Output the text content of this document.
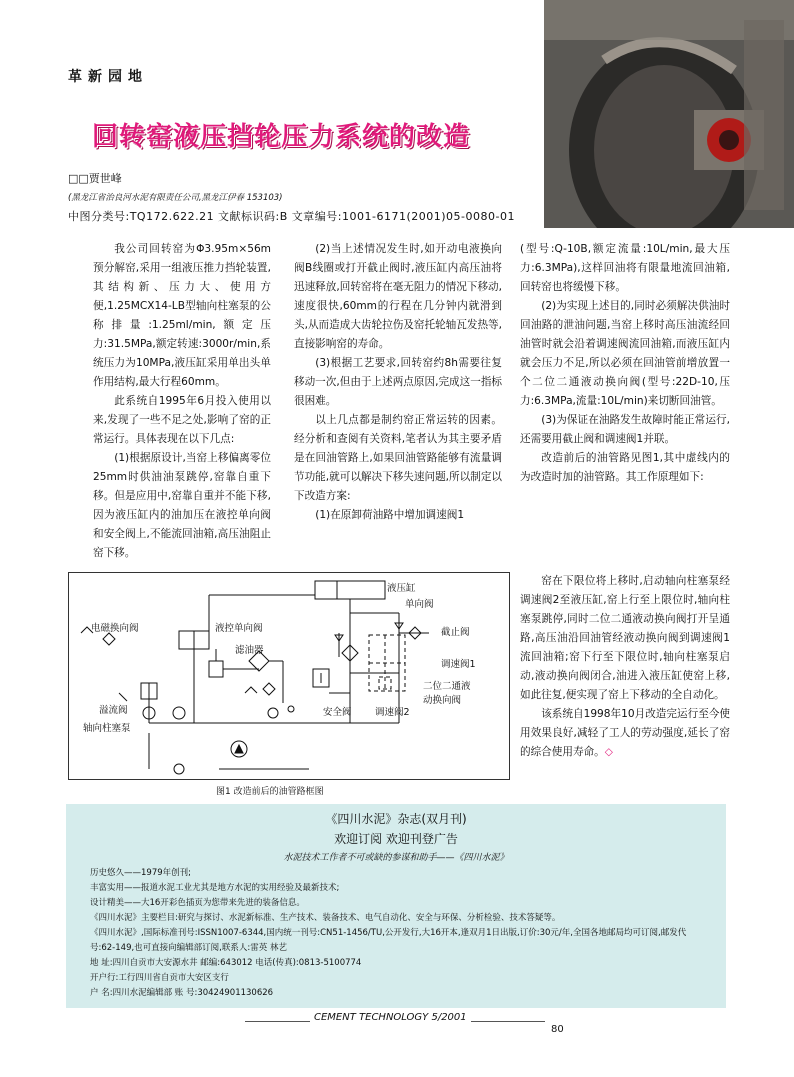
革新园地
回转窑液压挡轮压力系统的改造
□□贾世峰
(黑龙江省治良河水泥有限责任公司,黑龙江伊春 153103)
中图分类号:TQ172.622.21 文献标识码:B 文章编号:1001-6171(2001)05-0080-01

我公司回转窑为Φ3.95m×56m预分解窑,采用一组液压推力挡轮装置,其结构新、压力大、使用方便,1.25MCX14-LB型轴向柱塞泵的公称排量:1.25ml/min,额定压力:31.5MPa,额定转速:3000r/min,系统压力为10MPa,液压缸采用单出头单作用结构,最大行程60mm。

此系统自1995年6月投入使用以来,发现了一些不足之处,影响了窑的正常运行。具体表现在以下几点:

(1)根据原设计,当窑上移偏离零位25mm时供油油泵跳停,窑靠自重下移。但是应用中,窑靠自重并不能下移,因为液压缸内的油加压在液控单向阀和安全阀上,不能流回油箱,高压油阻止窑下移。

(2)当上述情况发生时,如开动电液换向阀B线圈或打开截止阀时,液压缸内高压油将迅速释放,回转窑将在毫无阻力的情况下移动,速度很快,60mm的行程在几分钟内就滑到头,从而造成大齿轮拉伤及窑托轮轴瓦发热等,直接影响窑的寿命。

(3)根据工艺要求,回转窑约8h需要往复移动一次,但由于上述两点原因,完成这一指标很困难。

以上几点都是制约窑正常运转的因素。经分析和查阅有关资料,笔者认为其主要矛盾是在回油管路上,如果回油管路能够有流量调节功能,就可以解决下移失速问题,所以制定以下改造方案:

(1)在原卸荷油路中增加调速阀1

(型号:Q-10B,额定流量:10L/min,最大压力:6.3MPa),这样回油将有限量地流回油箱,回转窑也将缓慢下移。

(2)为实现上述目的,同时必须解决供油时回油路的泄油问题,当窑上移时高压油流经回油管时就会沿着调速阀流回油箱,而液压缸内就会压力不足,所以必须在回油管前增放置一个二位二通液动换向阀(型号:22D-10,压力:6.3MPa,流量:10L/min)来切断回油管。

(3)为保证在油路发生故障时能正常运行,还需要用截止阀和调速阀1并联。

改造前后的油管路见图1,其中虚线内的为改造时加的油管路。其工作原理如下:

窑在下限位将上移时,启动轴向柱塞泵经调速阀2至液压缸,窑上行至上限位时,轴向柱塞泵跳停,同时二位二通液动换向阀打开呈通路,高压油沿回油管经液动换向阀到调速阀1流回油箱;窑下行至下限位时,轴向柱塞泵启动,液动换向阀闭合,油进入液压缸使窑上移,如此往复,便实现了窑上下移动的全自动化。

该系统自1998年10月改造完运行至今使用效果良好,减轻了工人的劳动强度,延长了窑的综合使用寿命。◇

液压缸
单向阀
电磁换向阀	液控单向阀	截止阀
滤油器
调速阀1
二位二通液
动换向阀
溢流阀	安全阀 调速阀2
轴向柱塞泵
图1 改造前后的油管路框图
《四川水泥》杂志(双月刊)
欢迎订阅 欢迎刊登广告
水泥技术工作者不可或缺的参谋和助手——《四川水泥》
历史悠久——1979年创刊;
丰富实用——报道水泥工业尤其是地方水泥的实用经验及最新技术;
设计精美——大16开彩色插页为您带来先进的装备信息。
《四川水泥》主要栏目:研究与探讨、水泥新标准、生产技术、装备技术、电气自动化、安全与环保、分析检验、技术答疑等。
《四川水泥》,国际标准刊号:ISSN1007-6344,国内统一刊号:CN51-1456/TU,公开发行,大16开本,逢双月1日出版,订价:30元/年,全国各地邮局均可订阅,邮发代号:62-149,也可直接向编辑部订阅,联系人:雷英 林艺
地 址:四川自贡市大安源水井 邮编:643012 电话(传真):0813-5100774
开户行:工行四川省自贡市大安区支行
户 名:四川水泥编辑部 账 号:30424901130626
CEMENT TECHNOLOGY 5/2001
80
